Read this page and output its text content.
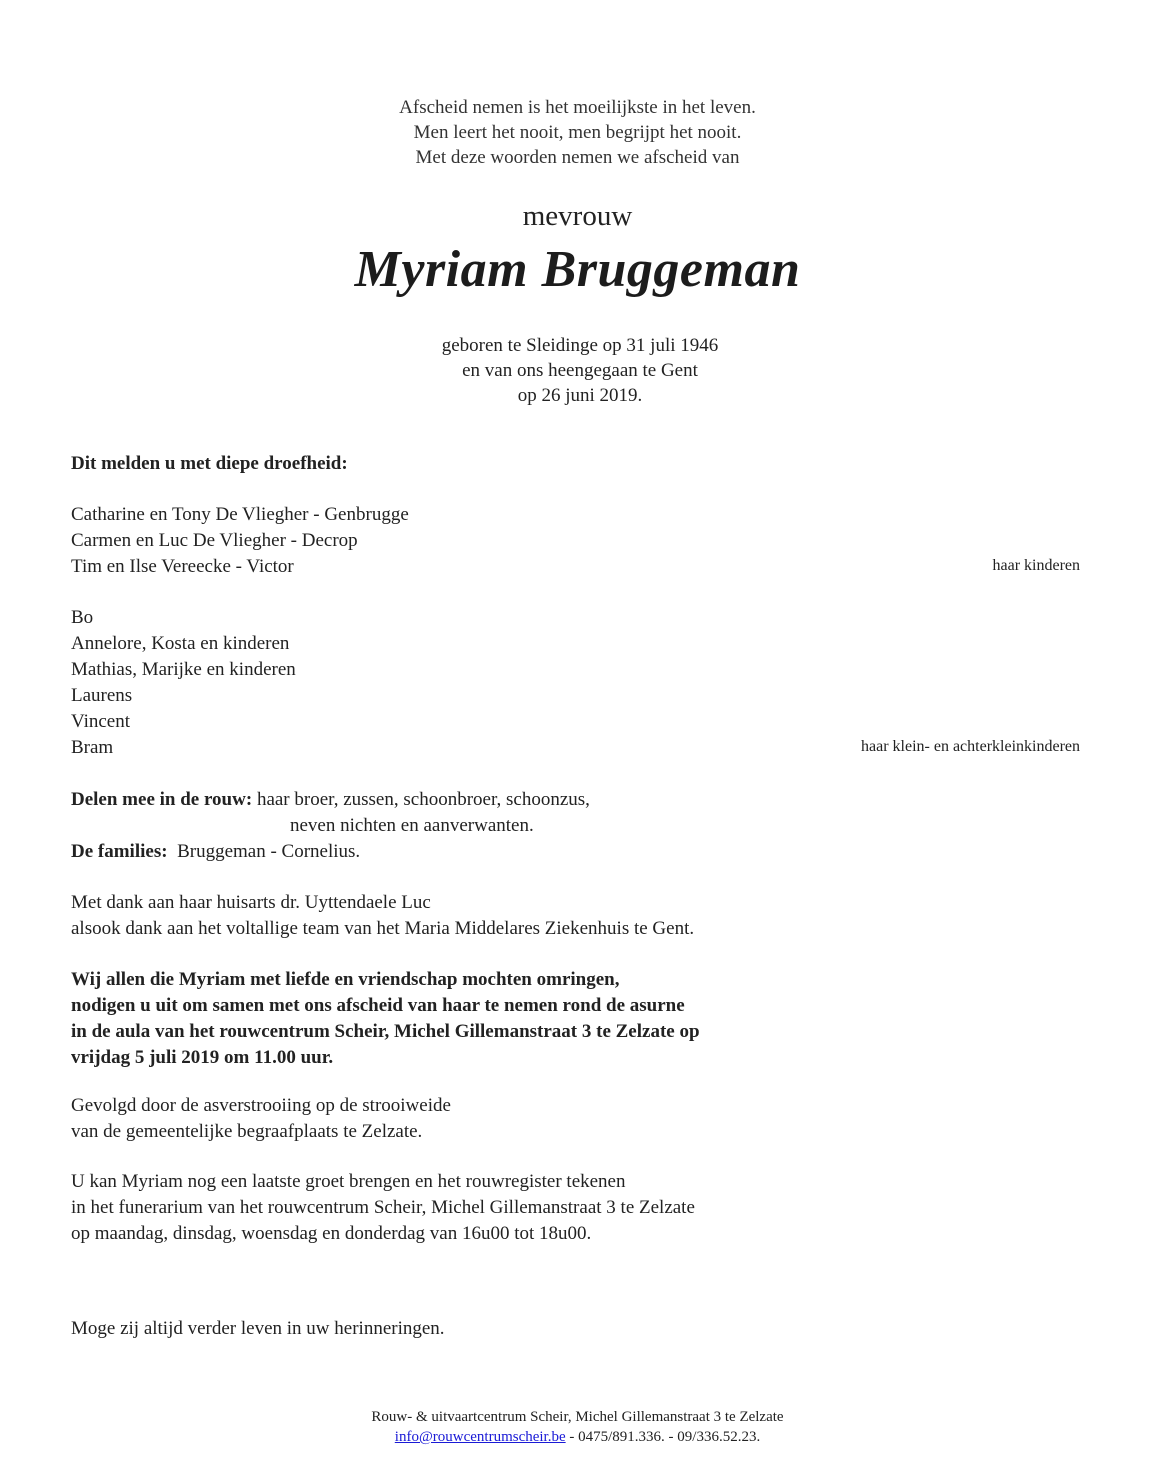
Afscheid nemen is het moeilijkste in het leven.
Men leert het nooit, men begrijpt het nooit.
Met deze woorden nemen we afscheid van
mevrouw
Myriam Bruggeman
geboren te Sleidinge op 31 juli 1946
en van ons heengegaan te Gent
op 26 juni 2019.
Dit melden u met diepe droefheid:
Catharine en Tony De Vliegher - Genbrugge
Carmen en Luc De Vliegher - Decrop
Tim en Ilse Vereecke - Victor	haar kinderen
Bo
Annelore, Kosta en kinderen
Mathias, Marijke en kinderen
Laurens
Vincent
Bram	haar klein- en achterkleinkinderen
Delen mee in de rouw: haar broer, zussen, schoonbroer, schoonzus,
neven nichten en aanverwanten.
De families:  Bruggeman - Cornelius.
Met dank aan haar huisarts dr. Uyttendaele Luc
alsook dank aan het voltallige team van het Maria Middelares Ziekenhuis te Gent.
Wij allen die Myriam met liefde en vriendschap mochten omringen,
nodigen u uit om samen met ons afscheid van haar te nemen rond de asurne
in de aula van het rouwcentrum Scheir, Michel Gillemanstraat 3 te Zelzate op
vrijdag 5 juli 2019 om 11.00 uur.
Gevolgd door de asverstrooiing op de strooiweide
van de gemeentelijke begraafplaats te Zelzate.
U kan Myriam nog een laatste groet brengen en het rouwregister tekenen
in het funerarium van het rouwcentrum Scheir, Michel Gillemanstraat 3 te Zelzate
op maandag, dinsdag, woensdag en donderdag van 16u00 tot 18u00.
Moge zij altijd verder leven in uw herinneringen.
Rouw- & uitvaartcentrum Scheir, Michel Gillemanstraat 3 te Zelzate
info@rouwcentrumscheir.be - 0475/891.336. - 09/336.52.23.
